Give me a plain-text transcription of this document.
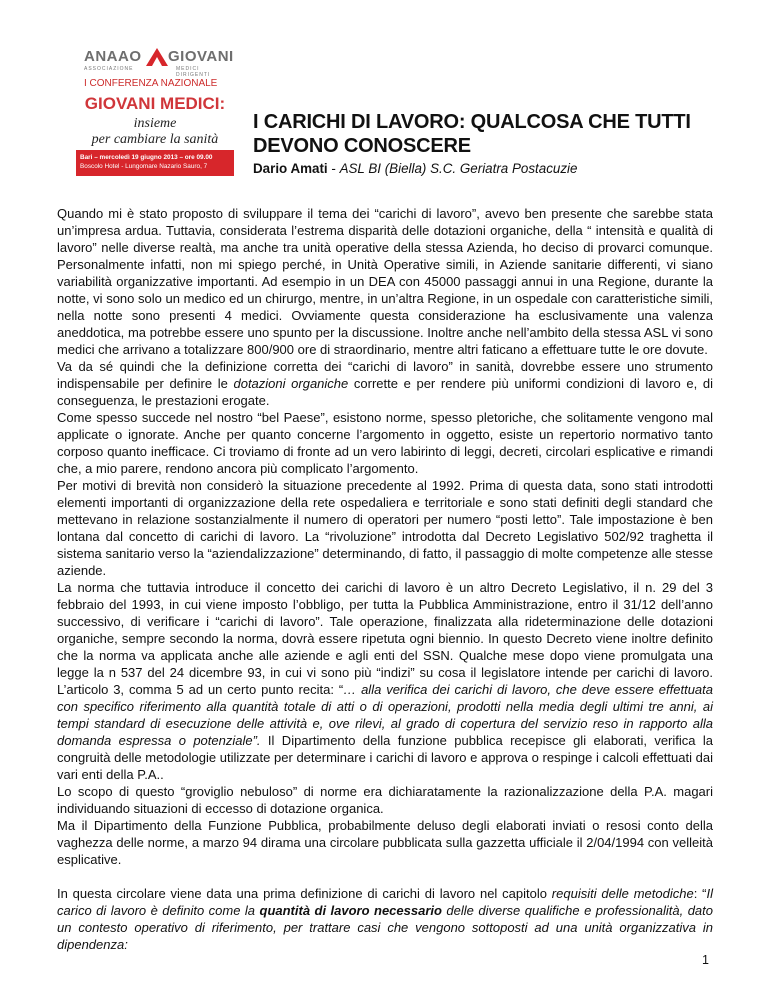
ANAAO GIOVANI
ASSOCIAZIONE	MEDICI DIRIGENTI
I CONFERENZA NAZIONALE
GIOVANI MEDICI:
insieme
per cambiare la sanità
Bari – mercoledì 19 giugno 2013 – ore 09.00
Boscolo Hotel - Lungomare Nazario Sauro, 7
I CARICHI DI LAVORO: QUALCOSA CHE TUTTI
DEVONO CONOSCERE
Dario Amati - ASL BI (Biella) S.C. Geriatra Postacuzie

Quando mi è stato proposto di sviluppare il tema dei “carichi di lavoro”, avevo ben presente che sarebbe stata un’impresa ardua. Tuttavia, considerata l’estrema disparità delle dotazioni organiche, della “ intensità e qualità di lavoro” nelle diverse realtà, ma anche tra unità operative della stessa Azienda, ho deciso di provarci comunque. Personalmente infatti, non mi spiego perché, in Unità Operative simili, in Aziende sanitarie differenti, vi siano variabilità organizzative importanti. Ad esempio in un DEA con 45000 passaggi annui in una Regione, durante la notte, vi sono solo un medico ed un chirurgo, mentre, in un’altra Regione, in un ospedale con caratteristiche simili, nella notte sono presenti 4 medici. Ovviamente questa considerazione ha esclusivamente una valenza aneddotica, ma potrebbe essere uno spunto per la discussione. Inoltre anche nell’ambito della stessa ASL vi sono medici che arrivano a totalizzare 800/900 ore di straordinario, mentre altri faticano a effettuare tutte le ore dovute.

Va da sé quindi che la definizione corretta dei “carichi di lavoro” in sanità, dovrebbe essere uno strumento indispensabile per definire le dotazioni organiche corrette e per rendere più uniformi condizioni di lavoro e, di conseguenza, le prestazioni erogate.

Come spesso succede nel nostro “bel Paese”, esistono norme, spesso pletoriche, che solitamente vengono mal applicate o ignorate. Anche per quanto concerne l’argomento in oggetto, esiste un repertorio normativo tanto corposo quanto inefficace. Ci troviamo di fronte ad un vero labirinto di leggi, decreti, circolari esplicative e rimandi che, a mio parere, rendono ancora più complicato l’argomento.

Per motivi di brevità non considerò la situazione precedente al 1992. Prima di questa data, sono stati introdotti elementi importanti di organizzazione della rete ospedaliera e territoriale e sono stati definiti degli standard che mettevano in relazione sostanzialmente il numero di operatori per numero “posti letto”. Tale impostazione è ben lontana dal concetto di carichi di lavoro. La “rivoluzione” introdotta dal Decreto Legislativo 502/92 traghetta il sistema sanitario verso la “aziendalizzazione” determinando, di fatto, il passaggio di molte competenze alle stesse aziende.

La norma che tuttavia introduce il concetto dei carichi di lavoro è un altro Decreto Legislativo, il n. 29 del 3 febbraio del 1993, in cui viene imposto l’obbligo, per tutta la Pubblica Amministrazione, entro il 31/12 dell’anno successivo, di verificare i “carichi di lavoro”. Tale operazione, finalizzata alla rideterminazione delle dotazioni organiche, sempre secondo la norma, dovrà essere ripetuta ogni biennio. In questo Decreto viene inoltre definito che la norma va applicata anche alle aziende e agli enti del SSN. Qualche mese dopo viene promulgata una legge la n 537 del 24 dicembre 93, in cui vi sono più “indizi” su cosa il legislatore intende per carichi di lavoro. L’articolo 3, comma 5 ad un certo punto recita: “… alla verifica dei carichi di lavoro, che deve essere effettuata con specifico riferimento alla quantità totale di atti o di operazioni, prodotti nella media degli ultimi tre anni, ai tempi standard di esecuzione delle attività e, ove rilevi, al grado di copertura del servizio reso in rapporto alla domanda espressa o potenziale”. Il Dipartimento della funzione pubblica recepisce gli elaborati, verifica la congruità delle metodologie utilizzate per determinare i carichi di lavoro e approva o respinge i calcoli effettuati dai vari enti della P.A..

Lo scopo di questo “groviglio nebuloso” di norme era dichiaratamente la razionalizzazione della P.A. magari individuando situazioni di eccesso di dotazione organica.

Ma il Dipartimento della Funzione Pubblica, probabilmente deluso degli elaborati inviati o resosi conto della vaghezza delle norme, a marzo 94 dirama una circolare pubblicata sulla gazzetta ufficiale il 2/04/1994 con velleità esplicative.

In questa circolare viene data una prima definizione di carichi di lavoro nel capitolo requisiti delle metodiche: “Il carico di lavoro è definito come la quantità di lavoro necessario delle diverse qualifiche e professionalità, dato un contesto operativo di riferimento, per trattare casi che vengono sottoposti ad una unità organizzativa in dipendenza:

1
